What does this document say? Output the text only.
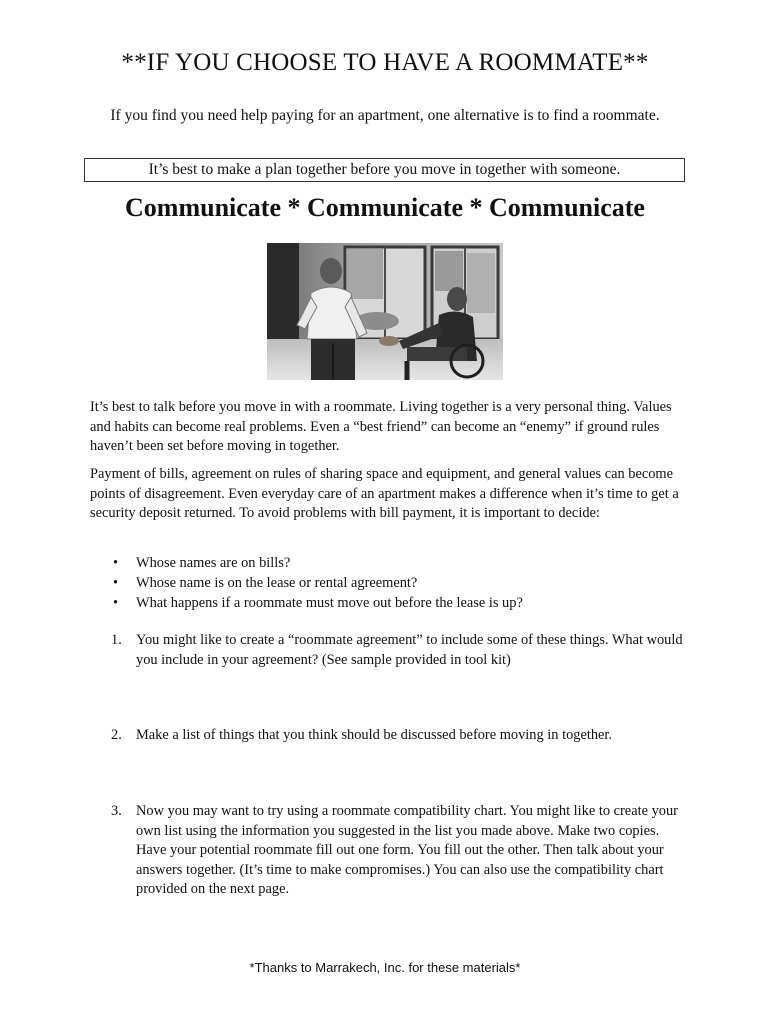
**IF YOU CHOOSE TO HAVE A ROOMMATE**
If you find you need help paying for an apartment, one alternative is to find a roommate.
It’s best to make a plan together before you move in together with someone.
Communicate * Communicate * Communicate
It’s best to talk before you move in with a roommate. Living together is a very personal thing. Values and habits can become real problems. Even a “best friend” can become an “enemy” if ground rules haven’t been set before moving in together.
Payment of bills, agreement on rules of sharing space and equipment, and general values can become points of disagreement. Even everyday care of an apartment makes a difference when it’s time to get a security deposit returned. To avoid problems with bill payment, it is important to decide:
• Whose names are on bills?
• Whose name is on the lease or rental agreement?
• What happens if a roommate must move out before the lease is up?
1. You might like to create a “roommate agreement” to include some of these things. What would you include in your agreement? (See sample provided in tool kit)
2. Make a list of things that you think should be discussed before moving in together.
3. Now you may want to try using a roommate compatibility chart. You might like to create your own list using the information you suggested in the list you made above. Make two copies. Have your potential roommate fill out one form. You fill out the other. Then talk about your answers together. (It’s time to make compromises.) You can also use the compatibility chart provided on the next page.
*Thanks to Marrakech, Inc. for these materials*
